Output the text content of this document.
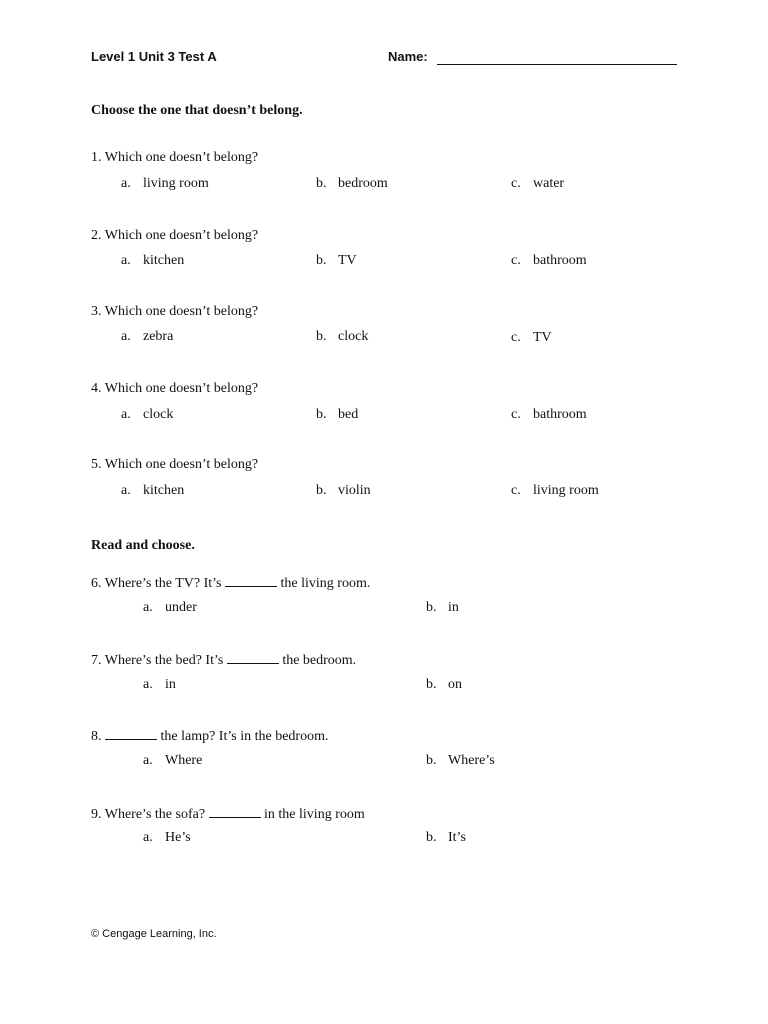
Level 1 Unit 3 Test A	Name:
Choose the one that doesn’t belong.
1. Which one doesn’t belong?
a. living room	b. bedroom	c. water
2. Which one doesn’t belong?
a. kitchen	b. TV	c. bathroom
3. Which one doesn’t belong?
a. zebra	b. clock	c. TV
4. Which one doesn’t belong?
a. clock	b. bed	c. bathroom
5. Which one doesn’t belong?
a. kitchen	b. violin	c. living room
Read and choose.
6. Where’s the TV? It’s	the living room.
a. under	b. in
7. Where’s the bed? It’s	the bedroom.
a. in	b. on
8.	the lamp? It’s in the bedroom.
a. Where	b. Where’s
9. Where’s the sofa?	in the living room
a. He’s	b. It’s
© Cengage Learning, Inc.
